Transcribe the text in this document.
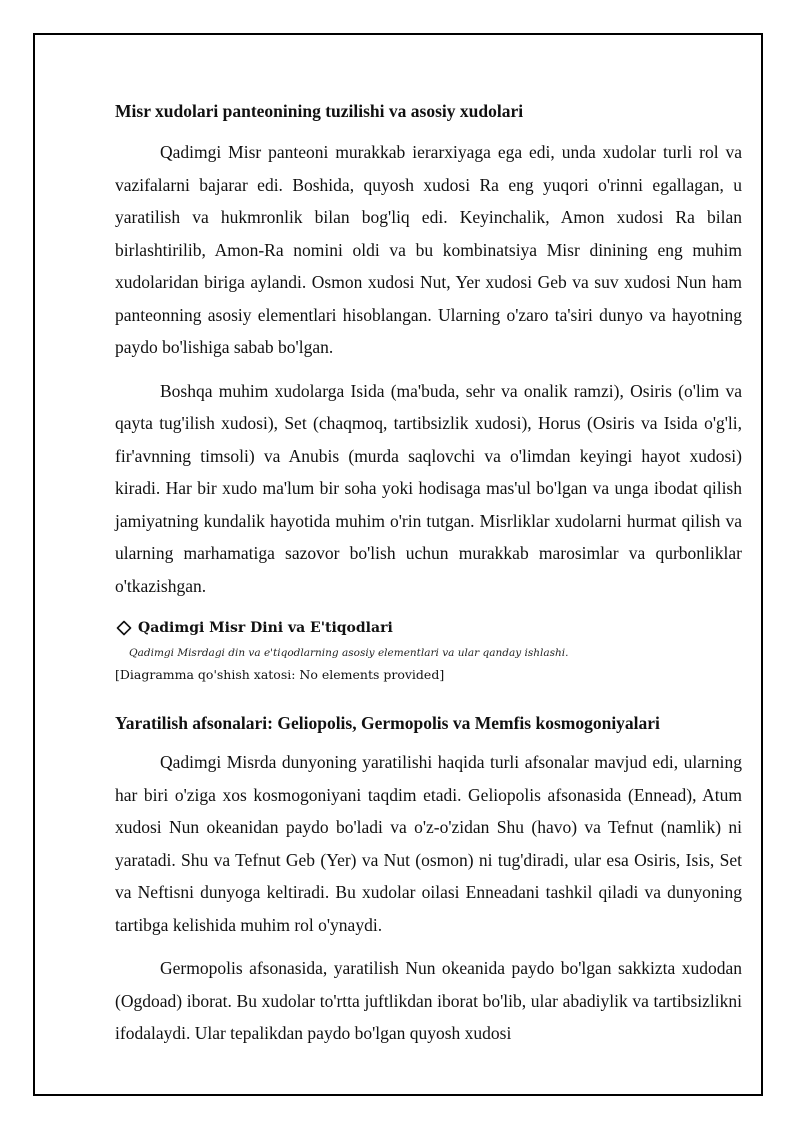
Misr xudolari panteonining tuzilishi va asosiy xudolari

Qadimgi Misr panteoni murakkab ierarxiyaga ega edi, unda xudolar turli rol va vazifalarni bajarar edi. Boshida, quyosh xudosi Ra eng yuqori o'rinni egallagan, u yaratilish va hukmronlik bilan bog'liq edi. Keyinchalik, Amon xudosi Ra bilan birlashtirilib, Amon-Ra nomini oldi va bu kombinatsiya Misr dinining eng muhim xudolaridan biriga aylandi. Osmon xudosi Nut, Yer xudosi Geb va suv xudosi Nun ham panteonning asosiy elementlari hisoblangan. Ularning o'zaro ta'siri dunyo va hayotning paydo bo'lishiga sabab bo'lgan.

Boshqa muhim xudolarga Isida (ma'buda, sehr va onalik ramzi), Osiris (o'lim va qayta tug'ilish xudosi), Set (chaqmoq, tartibsizlik xudosi), Horus (Osiris va Isida o'g'li, fir'avnning timsoli) va Anubis (murda saqlovchi va o'limdan keyingi hayot xudosi) kiradi. Har bir xudo ma'lum bir soha yoki hodisaga mas'ul bo'lgan va unga ibodat qilish jamiyatning kundalik hayotida muhim o'rin tutgan. Misrliklar xudolarni hurmat qilish va ularning marhamatiga sazovor bo'lish uchun murakkab marosimlar va qurbonliklar o'tkazishgan.

Qadimgi Misr Dini va E'tiqodlari
Qadimgi Misrdagi din va e'tiqodlarning asosiy elementlari va ular qanday ishlashi.
[Diagramma qo'shish xatosi: No elements provided]
Yaratilish afsonalari: Geliopolis, Germopolis va Memfis kosmogoniyalari

Qadimgi Misrda dunyoning yaratilishi haqida turli afsonalar mavjud edi, ularning har biri o'ziga xos kosmogoniyani taqdim etadi. Geliopolis afsonasida (Ennead), Atum xudosi Nun okeanidan paydo bo'ladi va o'z-o'zidan Shu (havo) va Tefnut (namlik) ni yaratadi. Shu va Tefnut Geb (Yer) va Nut (osmon) ni tug'diradi, ular esa Osiris, Isis, Set va Neftisni dunyoga keltiradi. Bu xudolar oilasi Enneadani tashkil qiladi va dunyoning tartibga kelishida muhim rol o'ynaydi.

Germopolis afsonasida, yaratilish Nun okeanida paydo bo'lgan sakkizta xudodan (Ogdoad) iborat. Bu xudolar to'rtta juftlikdan iborat bo'lib, ular abadiylik va tartibsizlikni ifodalaydi. Ular tepalikdan paydo bo'lgan quyosh xudosi
